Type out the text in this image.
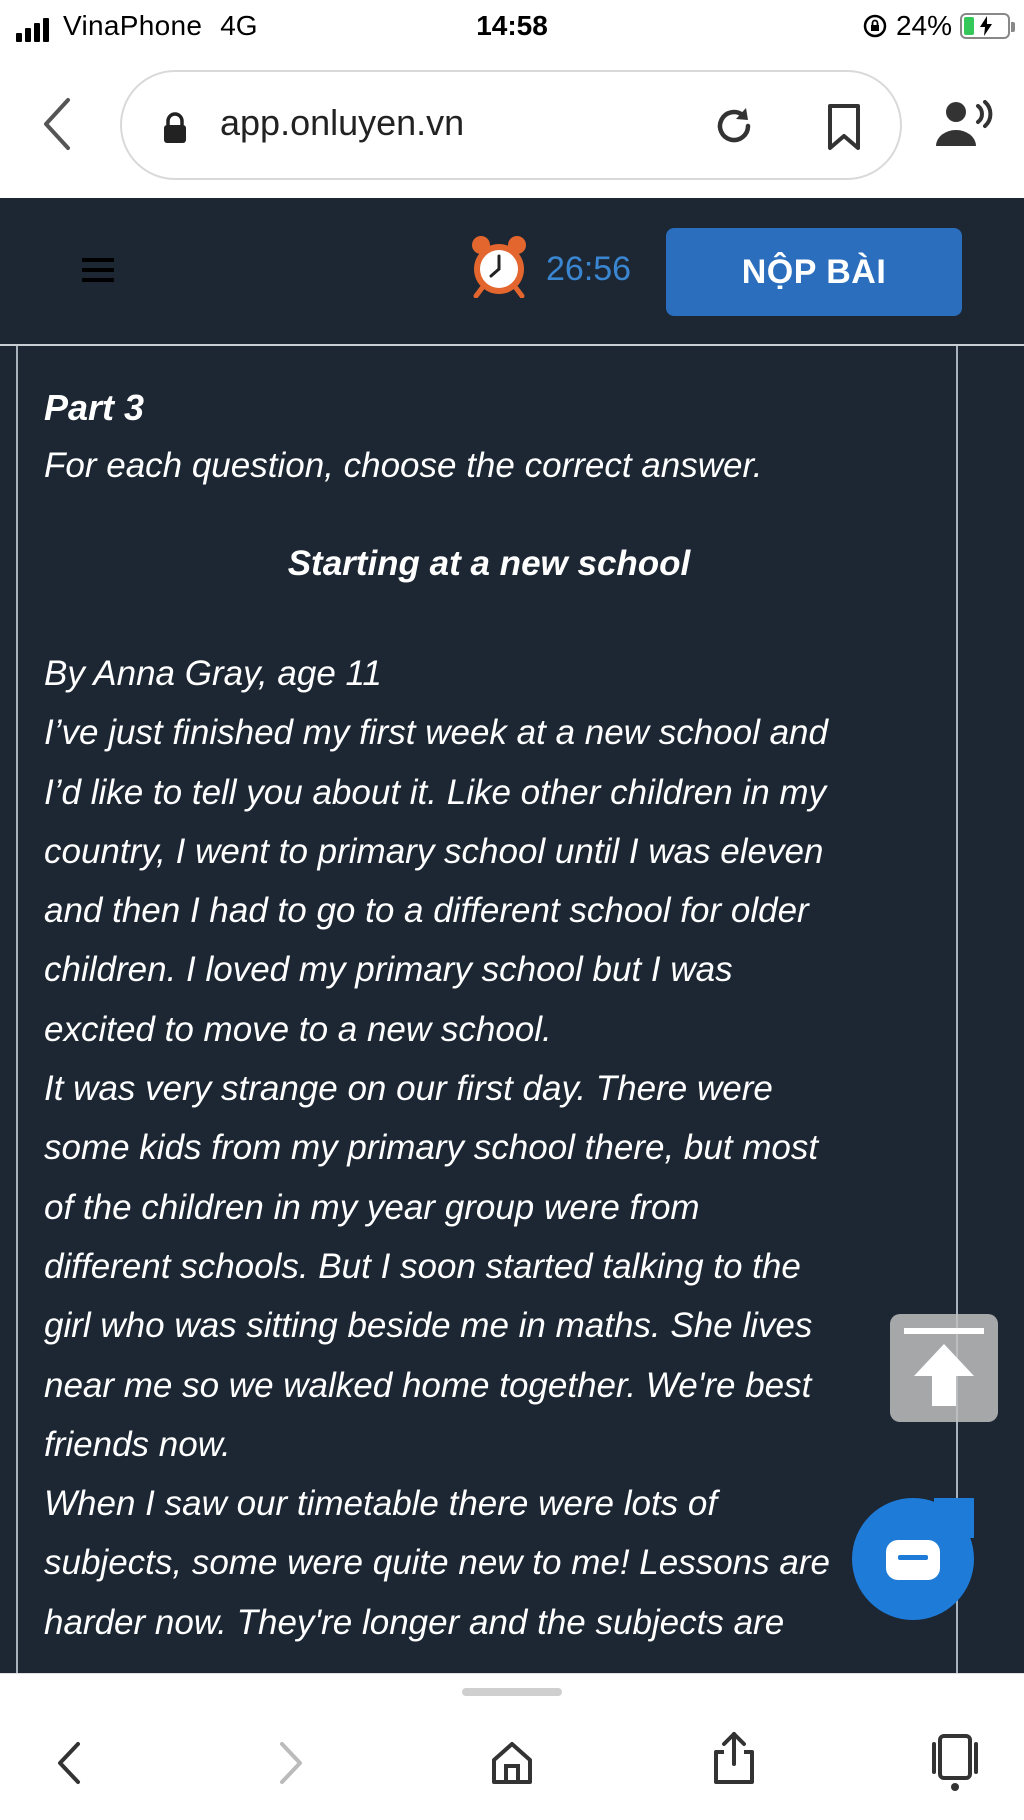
VinaPhone 4G	14:58	24%
app.onluyen.vn
26:56	NỘP BÀI
Part 3
For each question, choose the correct answer.
Starting at a new school
By Anna Gray, age 11
I’ve just finished my first week at a new school and
I’d like to tell you about it. Like other children in my
country, I went to primary school until I was eleven
and then I had to go to a different school for older
children. I loved my primary school but I was
excited to move to a new school.
It was very strange on our first day. There were
some kids from my primary school there, but most
of the children in my year group were from
different schools. But I soon started talking to the
girl who was sitting beside me in maths. She lives
near me so we walked home together. We're best
friends now.
When I saw our timetable there were lots of
subjects, some were quite new to me! Lessons are
harder now. They're longer and the subjects are
